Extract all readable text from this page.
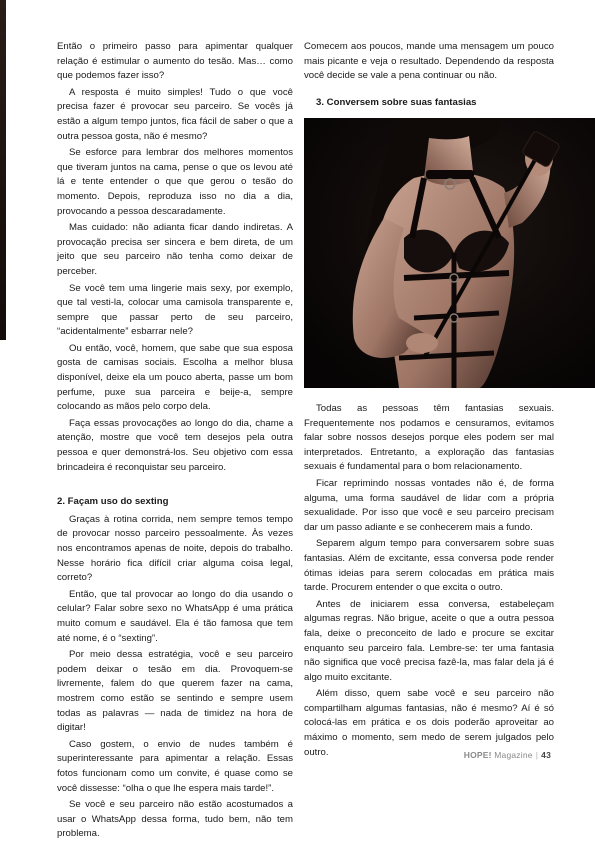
Então o primeiro passo para apimentar qualquer relação é estimular o aumento do tesão. Mas… como que podemos fazer isso?

A resposta é muito simples! Tudo o que você precisa fazer é provocar seu parceiro. Se vocês já estão a algum tempo juntos, fica fácil de saber o que a outra pessoa gosta, não é mesmo?

Se esforce para lembrar dos melhores momentos que tiveram juntos na cama, pense o que os levou até lá e tente entender o que que gerou o tesão do momento. Depois, reproduza isso no dia a dia, provocando a pessoa descaradamente.

Mas cuidado: não adianta ficar dando indiretas. A provocação precisa ser sincera e bem direta, de um jeito que seu parceiro não tenha como deixar de perceber.

Se você tem uma lingerie mais sexy, por exemplo, que tal vesti-la, colocar uma camisola transparente e, sempre que passar perto de seu parceiro, “acidentalmente” esbarrar nele?

Ou então, você, homem, que sabe que sua esposa gosta de camisas sociais. Escolha a melhor blusa disponível, deixe ela um pouco aberta, passe um bom perfume, puxe sua parceira e beije-a, sempre colocando as mãos pelo corpo dela.

Faça essas provocações ao longo do dia, chame a atenção, mostre que você tem desejos pela outra pessoa e quer demonstrá-los. Seu objetivo com essa brincadeira é reconquistar seu parceiro.

2. Façam uso do sexting

Graças à rotina corrida, nem sempre temos tempo de provocar nosso parceiro pessoalmente. Às vezes nos encontramos apenas de noite, depois do trabalho. Nesse horário fica difícil criar alguma coisa legal, correto?

Então, que tal provocar ao longo do dia usando o celular? Falar sobre sexo no WhatsApp é uma prática muito comum e saudável. Ela é tão famosa que tem até nome, é o “sexting”.

Por meio dessa estratégia, você e seu parceiro podem deixar o tesão em dia. Provoquem-se livremente, falem do que querem fazer na cama, mostrem como estão se sentindo e sempre usem todas as palavras — nada de timidez na hora de digitar!

Caso gostem, o envio de nudes também é superinteressante para apimentar a relação. Essas fotos funcionam como um convite, é quase como se você dissesse: “olha o que lhe espera mais tarde!”.

Se você e seu parceiro não estão acostumados a usar o WhatsApp dessa forma, tudo bem, não tem problema.

Comecem aos poucos, mande uma mensagem um pouco mais picante e veja o resultado. Dependendo da resposta você decide se vale a pena continuar ou não.

3. Conversem sobre suas fantasias

Todas as pessoas têm fantasias sexuais. Frequentemente nos podamos e censuramos, evitamos falar sobre nossos desejos porque eles podem ser mal interpretados. Entretanto, a exploração das fantasias sexuais é fundamental para o bom relacionamento.

Ficar reprimindo nossas vontades não é, de forma alguma, uma forma saudável de lidar com a própria sexualidade. Por isso que você e seu parceiro precisam dar um passo adiante e se conhecerem mais a fundo.

Separem algum tempo para conversarem sobre suas fantasias. Além de excitante, essa conversa pode render ótimas ideias para serem colocadas em prática mais tarde. Procurem entender o que excita o outro.

Antes de iniciarem essa conversa, estabeleçam algumas regras. Não brigue, aceite o que a outra pessoa fala, deixe o preconceito de lado e procure se excitar enquanto seu parceiro fala. Lembre-se: ter uma fantasia não significa que você precisa fazê-la, mas falar dela já é algo muito excitante.

Além disso, quem sabe você e seu parceiro não compartilham algumas fantasias, não é mesmo? Aí é só colocá-las em prática e os dois poderão aproveitar ao máximo o momento, sem medo de serem julgados pelo outro.	HOPE! Magazine | 43
